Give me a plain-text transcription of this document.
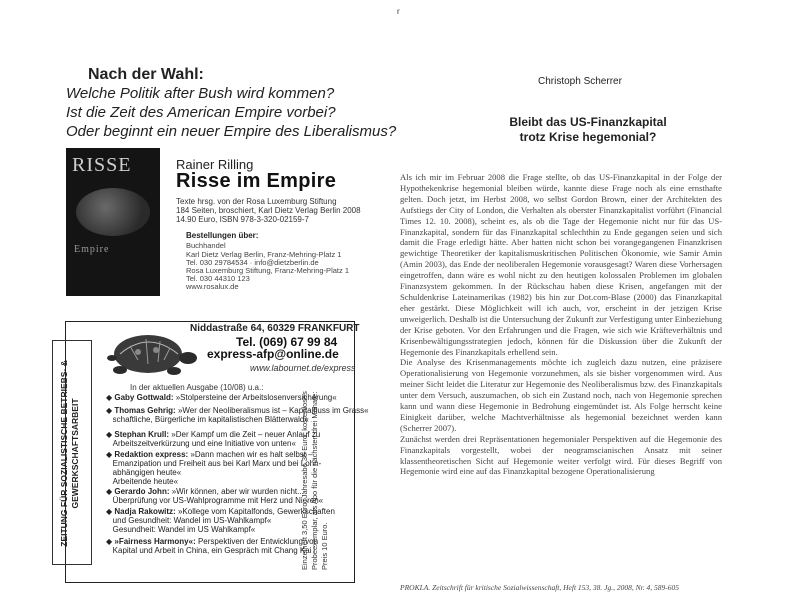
Nach der Wahl:
Welche Politik after Bush wird kommen?
Ist die Zeit des American Empire vorbei?
Oder beginnt ein neuer Empire des Liberalismus?
RISSE
Empire
Rainer Rilling
Risse im Empire
Texte hrsg. von der Rosa Luxemburg Stiftung
184 Seiten, broschiert, Karl Dietz Verlag Berlin 2008
14.90 Euro, ISBN 978-3-320-02159-7
Bestellungen über:
Buchhandel
Karl Dietz Verlag Berlin, Franz-Mehring-Platz 1
Tel. 030 29784534 · info@dietzberlin.de
Rosa Luxemburg Stiftung, Franz-Mehring-Platz 1
Tel. 030 44310 123
www.rosalux.de
ZEITUNG FÜR SOZIALISTISCHE BETRIEBS- & GEWERKSCHAFTSARBEIT
Niddastraße 64, 60329 FRANKFURT
Tel. (069) 67 99 84
express-afp@online.de
www.labournet.de/express
In der aktuellen Ausgabe (10/08) u.a.:
Einzelheft 3,50 Euro, Jahresabo 35 Euro, kostenloses Probeexemplar, als Abo für die nächsten drei Monate: Preis 10 Euro.
◆ Gaby Gottwald: »Stolpersteine der Arbeitslosenversicherung«
◆ Thomas Gehrig: »Wer der Neoliberalismus ist – Kapitalfluss im Grass«
schaftliche, Bürgerliche im kapitalistischen Blätterwald«
◆ Stephan Krull: »Der Kampf um die Zeit – neuer Anlauf zu
Arbeitszeitverkürzung und eine Initiative von unten«
◆ Redaktion express: »Dann machen wir es halt selbst –
Emanzipation und Freiheit aus bei Karl Marx und bei Lohn-
abhängigen heute«
Arbeitende heute«
◆ Gerardo John: »Wir können, aber wir wurden nicht...
Überprüfung vor US-Wahlprogramme mit Herz und Nieren«
◆ Nadja Rakowitz: »Kollege vom Kapitalfonds, Gewerkschaften
und Gesundheit: Wandel im US-Wahlkampf«
Gesundheit: Wandel im US Wahlkampf«
◆ »Fairness Harmony«: Perspektiven der Entwicklung von
Kapital und Arbeit in China, ein Gespräch mit Chang Kai
r
Christoph Scherrer
Bleibt das US-Finanzkapital
trotz Krise hegemonial?

Als ich mir im Februar 2008 die Frage stellte, ob das US-Finanzkapital in der Folge der Hypothekenkrise hegemonial bleiben würde, kannte diese Frage noch als eine ernsthafte gelten. Doch jetzt, im Herbst 2008, wo selbst Gordon Brown, einer der Architekten des Aufstiegs der City of London, die Verhalten als oberster Finanzkapitalist vorführt (Financial Times 12. 10. 2008), scheint es, als ob die Tage der Hegemonie nicht nur für das US-Finanzkapital, sondern für das Finanzkapital schlechthin zu Ende gegangen seien und sich damit die Frage erledigt hätte. Aber hatten nicht schon bei vorangegangenen Finanzkrisen gewichtige Theoretiker der kapitalismuskritischen Politischen Ökonomie, wie Samir Amin (Amin 2003), das Ende der neoliberalen Hegemonie vorausgesagt? Waren diese Vorhersagen eingetroffen, dann wäre es wohl nicht zu den heutigen kolossalen Problemen im globalen Finanzsystem gekommen. In der Rückschau haben diese Krisen, angefangen mit der Schuldenkrise Lateinamerikas (1982) bis hin zur Dot.com-Blase (2000) das Finanzkapital eher gestärkt. Diese Möglichkeit will ich auch, vor, erscheint in der jetzigen Krise unweigerlich. Deshalb ist die Untersuchung der Zukunft zur Verfestigung unter Einbeziehung der Krise geboten. Vor den Erfahrungen und die Fragen, wie sich wie Kräfteverhältnis und Krisenbewältigungsstrategien jedoch, können für die Diskussion über die Zukunft der Hegemonie des Finanzkapitals erhellend sein.

Die Analyse des Krisenmanagements möchte ich zugleich dazu nutzen, eine präzisere Operationalisierung von Hegemonie vorzunehmen, als sie bisher vorgenommen wird. Aus meiner Sicht leidet die Literatur zur Hegemonie des Neoliberalismus bzw. des Finanzkapitals unter dem Versuch, auszumachen, ob sich ein Zustand noch, nach von Hegemonie sprechen kann und wann diese Hegemonie in Bedrohung eingemündet ist. Als Folge herrscht keine Einigkeit darüber, welche Machtverhältnisse als hegemonial bezeichnet werden kann (Scherrer 2007).

Zunächst werden drei Repräsentationen hegemonialer Perspektiven auf die Hegemonie des Finanzkapitals vorgestellt, wobei der neogramscianischen Ansatz mit seiner klassentheoretischen Sicht auf Hegemonie weiter verfolgt wird. Für dieses Begriff von Hegemonie wird eine auf das Finanzkapital bezogene Operationalisierung

PROKLA. Zeitschrift für kritische Sozialwissenschaft, Heft 153, 38. Jg., 2008, Nr. 4, 589-605
